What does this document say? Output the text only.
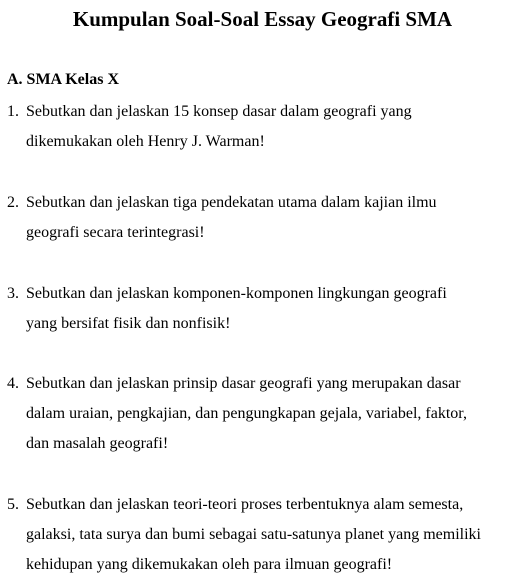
Kumpulan Soal-Soal Essay Geografi SMA
A. SMA Kelas X
1. Sebutkan dan jelaskan 15 konsep dasar dalam geografi yang
dikemukakan oleh Henry J. Warman!
2. Sebutkan dan jelaskan tiga pendekatan utama dalam kajian ilmu
geografi secara terintegrasi!
3. Sebutkan dan jelaskan komponen-komponen lingkungan geografi
yang bersifat fisik dan nonfisik!
4. Sebutkan dan jelaskan prinsip dasar geografi yang merupakan dasar
dalam uraian, pengkajian, dan pengungkapan gejala, variabel, faktor,
dan masalah geografi!
5. Sebutkan dan jelaskan teori-teori proses terbentuknya alam semesta,
galaksi, tata surya dan bumi sebagai satu-satunya planet yang memiliki
kehidupan yang dikemukakan oleh para ilmuan geografi!
